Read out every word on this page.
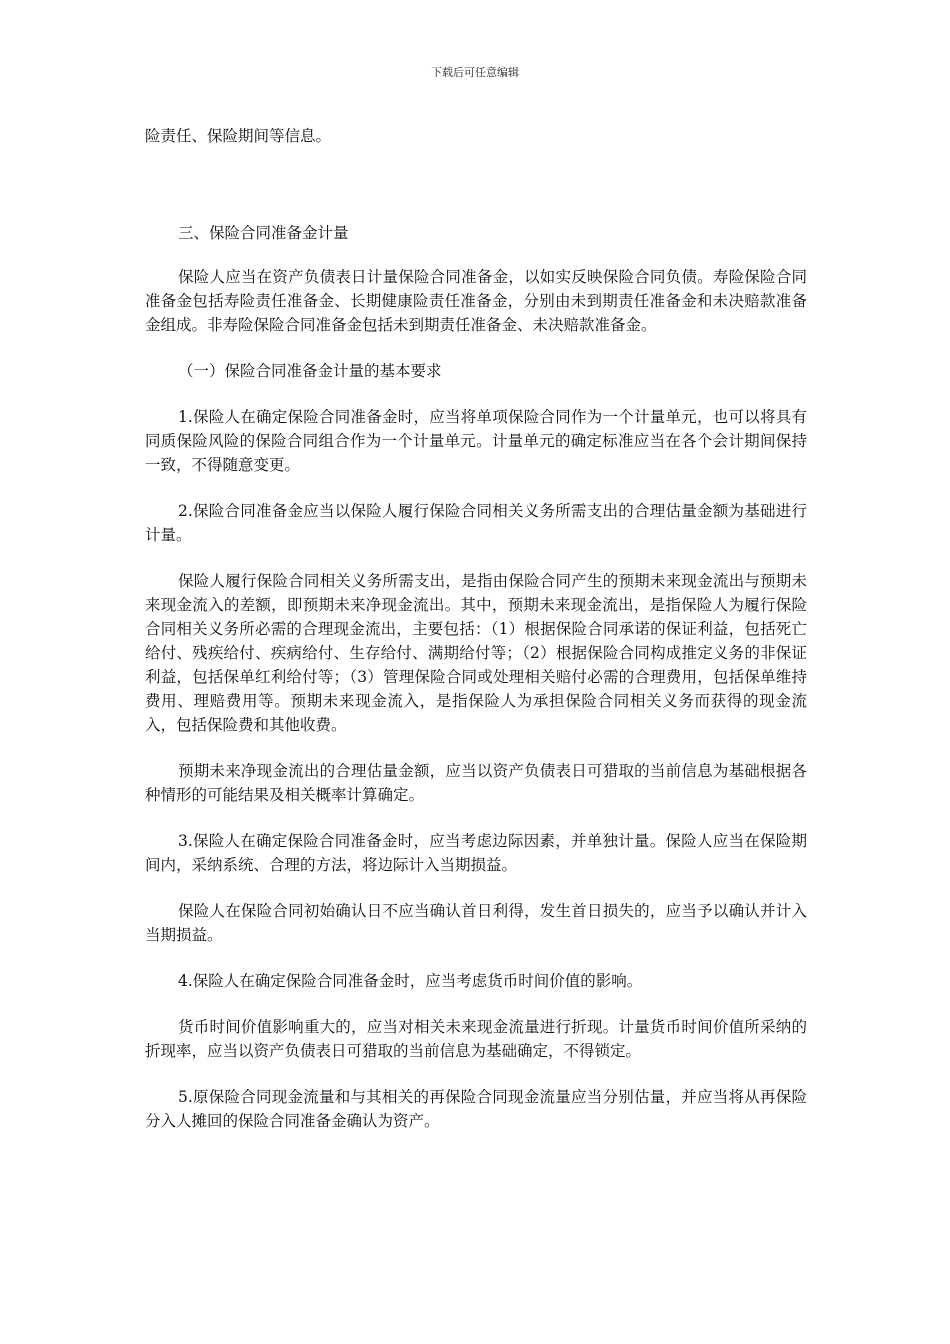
下载后可任意编辑

险责任、保险期间等信息。

三、保险合同准备金计量

保险人应当在资产负债表日计量保险合同准备金，以如实反映保险合同负债。寿险保险合同准备金包括寿险责任准备金、长期健康险责任准备金，分别由未到期责任准备金和未决赔款准备金组成。非寿险保险合同准备金包括未到期责任准备金、未决赔款准备金。

（一）保险合同准备金计量的基本要求

1.保险人在确定保险合同准备金时，应当将单项保险合同作为一个计量单元，也可以将具有同质保险风险的保险合同组合作为一个计量单元。计量单元的确定标准应当在各个会计期间保持一致，不得随意变更。

2.保险合同准备金应当以保险人履行保险合同相关义务所需支出的合理估量金额为基础进行计量。

保险人履行保险合同相关义务所需支出，是指由保险合同产生的预期未来现金流出与预期未来现金流入的差额，即预期未来净现金流出。其中，预期未来现金流出，是指保险人为履行保险合同相关义务所必需的合理现金流出，主要包括：（1）根据保险合同承诺的保证利益，包括死亡给付、残疾给付、疾病给付、生存给付、满期给付等；（2）根据保险合同构成推定义务的非保证利益，包括保单红利给付等；（3）管理保险合同或处理相关赔付必需的合理费用，包括保单维持费用、理赔费用等。预期未来现金流入，是指保险人为承担保险合同相关义务而获得的现金流入，包括保险费和其他收费。

预期未来净现金流出的合理估量金额，应当以资产负债表日可猎取的当前信息为基础根据各种情形的可能结果及相关概率计算确定。

3.保险人在确定保险合同准备金时，应当考虑边际因素，并单独计量。保险人应当在保险期间内，采纳系统、合理的方法，将边际计入当期损益。

保险人在保险合同初始确认日不应当确认首日利得，发生首日损失的，应当予以确认并计入当期损益。

4.保险人在确定保险合同准备金时，应当考虑货币时间价值的影响。

货币时间价值影响重大的，应当对相关未来现金流量进行折现。计量货币时间价值所采纳的折现率，应当以资产负债表日可猎取的当前信息为基础确定，不得锁定。

5.原保险合同现金流量和与其相关的再保险合同现金流量应当分别估量，并应当将从再保险分入人摊回的保险合同准备金确认为资产。
